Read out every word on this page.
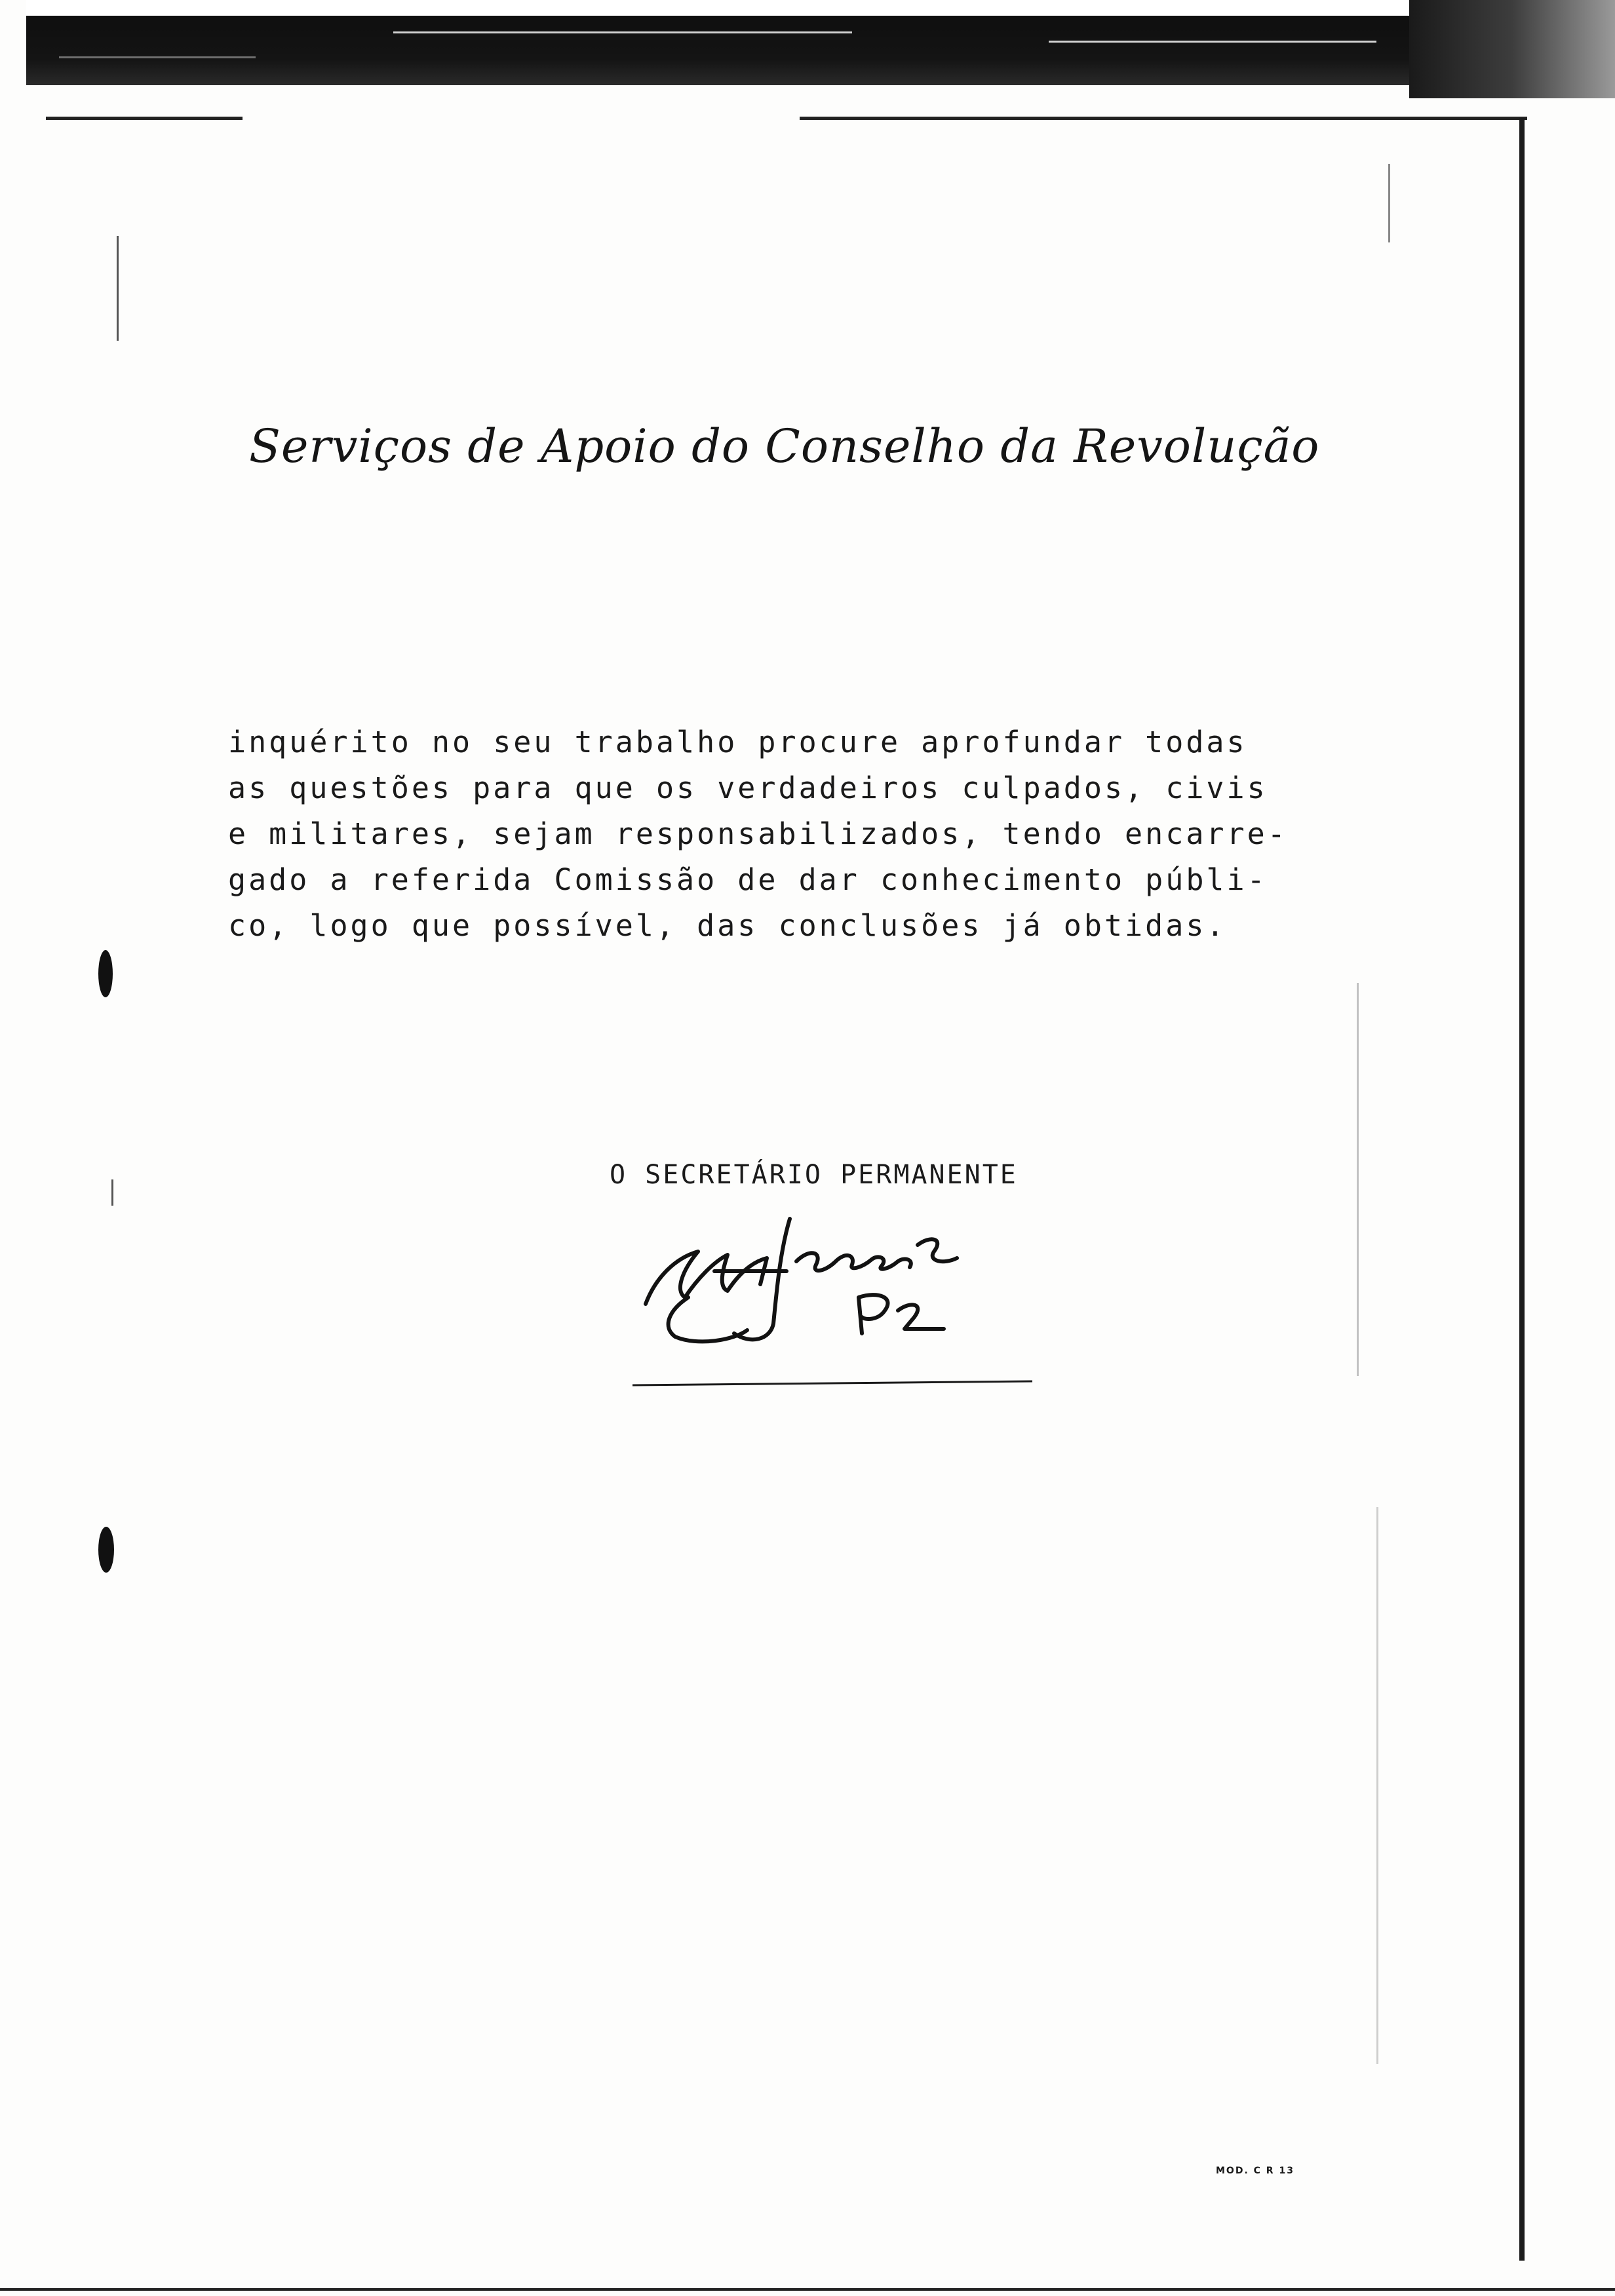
Serviços de Apoio do Conselho da Revolução
inquérito no seu trabalho procure aprofundar todas
as questões para que os verdadeiros culpados, civis
e militares, sejam responsabilizados, tendo encarre-
gado a referida Comissão de dar conhecimento públi-
co, logo que possível, das conclusões já obtidas.
O SECRETÁRIO PERMANENTE
MOD. C R 13
